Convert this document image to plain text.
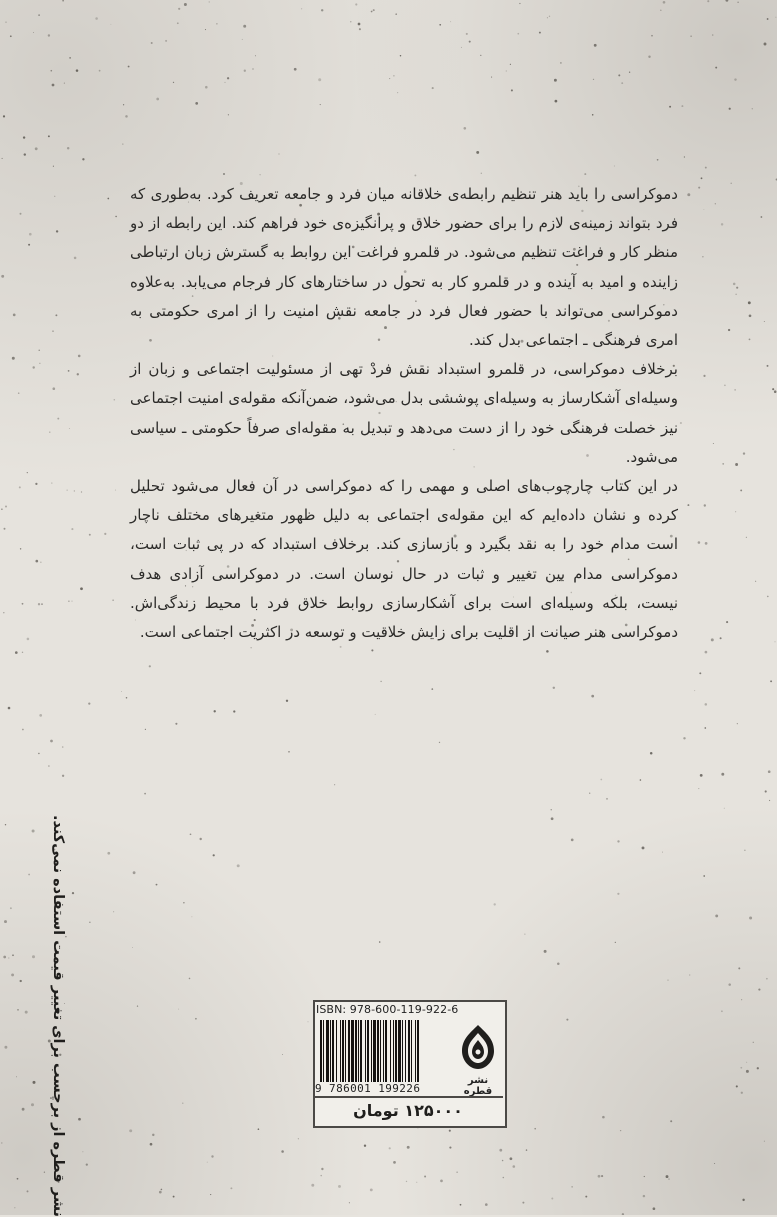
دموکراسی را باید هنر تنظیم رابطه‌ی خلاقانه میان فرد و جامعه تعریف کرد. به‌طوری که فرد بتواند زمینه‌ی لازم را برای حضور خلاق و پرانگیزه‌ی خود فراهم کند. این رابطه از دو منظر کار و فراغت تنظیم می‌شود. در قلمرو فراغت این روابط به گسترش زبان ارتباطی زاینده و امید به آینده و در قلمرو کار به تحول در ساختارهای کار فرجام می‌یابد. به‌علاوه دموکراسی می‌تواند با حضور فعال فرد در جامعه نقش امنیت را از امری حکومتی به امری فرهنگی ـ اجتماعی بدل کند.

برخلاف دموکراسی، در قلمرو استبداد نقش فردْ تهی از مسئولیت اجتماعی و زبان از وسیله‌ای آشکارساز به وسیله‌ای پوششی بدل می‌شود، ضمن‌آنکه مقوله‌ی امنیت اجتماعی نیز خصلت فرهنگی خود را از دست می‌دهد و تبدیل به مقوله‌ای صرفاً حکومتی ـ سیاسی می‌شود.

در این کتاب چارچوب‌های اصلی و مهمی را که دموکراسی در آن فعال می‌شود تحلیل کرده و نشان داده‌ایم که این مقوله‌ی اجتماعی به دلیل ظهور متغیرهای مختلف ناچار است مدام خود را به نقد بگیرد و بازسازی کند. برخلاف استبداد که در پی ثبات است، دموکراسی مدام بین تغییر و ثبات در حال نوسان است. در دموکراسی آزادی هدف نیست، بلکه وسیله‌ای است برای آشکارسازی روابط خلاق فرد با محیط زندگی‌اش. دموکراسی هنر صیانت از اقلیت برای زایش خلاقیت و توسعه در اکثریت اجتماعی است.

نشر قطره از برچسب برای تغییر قیمت استفاده نمی‌کند.	ISBN: 978-600-119-922-6
9 786001 199226
نشر قطره
۱۲۵۰۰۰ تومان
